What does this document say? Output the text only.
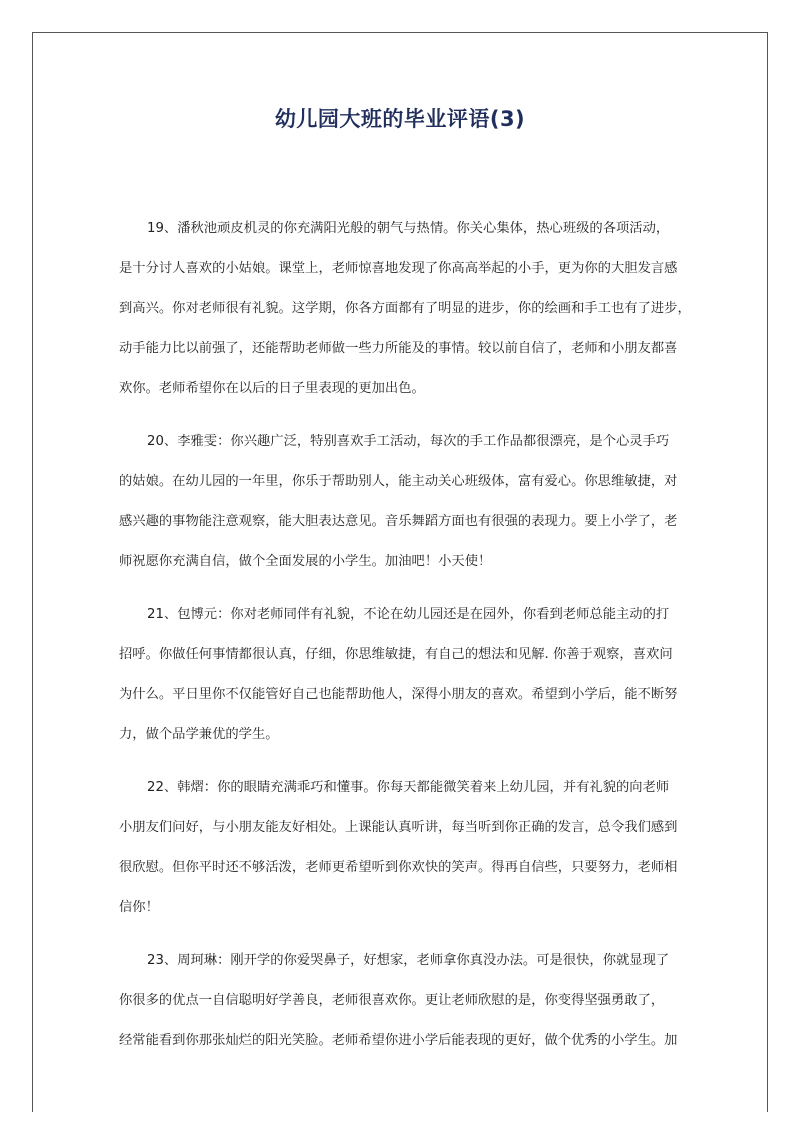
幼儿园大班的毕业评语(3)
19、潘秋池顽皮机灵的你充满阳光般的朝气与热情。你关心集体，热心班级的各项活动，
是十分讨人喜欢的小姑娘。课堂上，老师惊喜地发现了你高高举起的小手，更为你的大胆发言感
到高兴。你对老师很有礼貌。这学期，你各方面都有了明显的进步，你的绘画和手工也有了进步，
动手能力比以前强了，还能帮助老师做一些力所能及的事情。较以前自信了，老师和小朋友都喜
欢你。老师希望你在以后的日子里表现的更加出色。
20、李雅雯：你兴趣广泛，特别喜欢手工活动，每次的手工作品都很漂亮，是个心灵手巧
的姑娘。在幼儿园的一年里，你乐于帮助别人，能主动关心班级体，富有爱心。你思维敏捷，对
感兴趣的事物能注意观察，能大胆表达意见。音乐舞蹈方面也有很强的表现力。要上小学了，老
师祝愿你充满自信，做个全面发展的小学生。加油吧！小天使！
21、包博元：你对老师同伴有礼貌，不论在幼儿园还是在园外，你看到老师总能主动的打
招呼。你做任何事情都很认真，仔细，你思维敏捷，有自己的想法和见解. 你善于观察，喜欢问
为什么。平日里你不仅能管好自己也能帮助他人，深得小朋友的喜欢。希望到小学后，能不断努
力，做个品学兼优的学生。
22、韩熠：你的眼睛充满乖巧和懂事。你每天都能微笑着来上幼儿园，并有礼貌的向老师
小朋友们问好，与小朋友能友好相处。上课能认真听讲，每当听到你正确的发言，总令我们感到
很欣慰。但你平时还不够活泼，老师更希望听到你欢快的笑声。得再自信些，只要努力，老师相
信你！
23、周珂琳：刚开学的你爱哭鼻子，好想家，老师拿你真没办法。可是很快，你就显现了
你很多的优点一自信聪明好学善良，老师很喜欢你。更让老师欣慰的是，你变得坚强勇敢了，
经常能看到你那张灿烂的阳光笑脸。老师希望你进小学后能表现的更好，做个优秀的小学生。加
